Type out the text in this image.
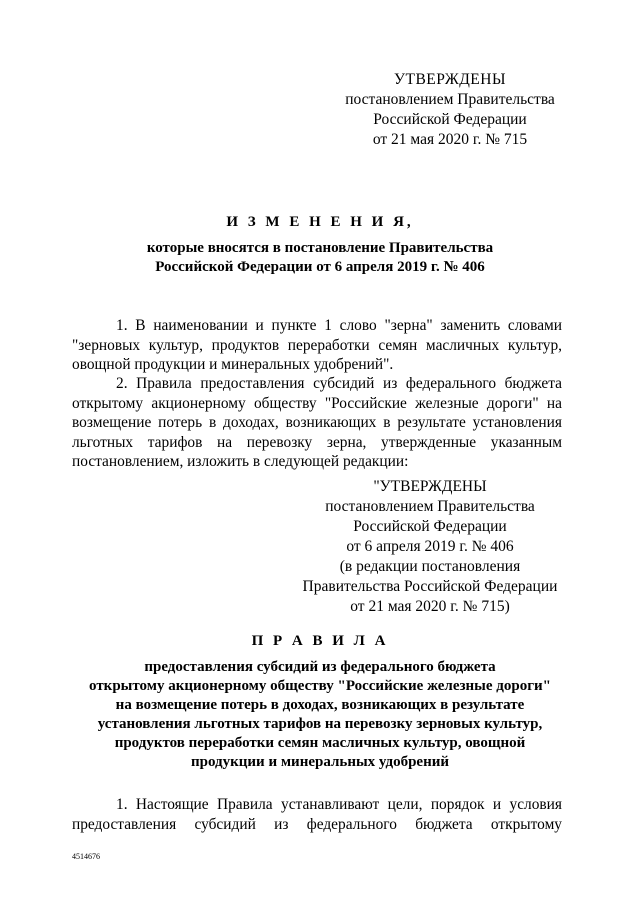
УТВЕРЖДЕНЫ
постановлением Правительства
Российской Федерации
от 21 мая 2020 г. № 715
И З М Е Н Е Н И Я,
которые вносятся в постановление Правительства
Российской Федерации от 6 апреля 2019 г. № 406
1. В наименовании и пункте 1 слово "зерна" заменить словами "зерновых культур, продуктов переработки семян масличных культур, овощной продукции и минеральных удобрений".
2. Правила предоставления субсидий из федерального бюджета открытому акционерному обществу "Российские железные дороги" на возмещение потерь в доходах, возникающих в результате установления льготных тарифов на перевозку зерна, утвержденные указанным постановлением, изложить в следующей редакции:
"УТВЕРЖДЕНЫ
постановлением Правительства
Российской Федерации
от 6 апреля 2019 г. № 406
(в редакции постановления
Правительства Российской Федерации
от 21 мая 2020 г. № 715)
П Р А В И Л А
предоставления субсидий из федерального бюджета
открытому акционерному обществу "Российские железные дороги"
на возмещение потерь в доходах, возникающих в результате
установления льготных тарифов на перевозку зерновых культур,
продуктов переработки семян масличных культур, овощной
продукции и минеральных удобрений
1. Настоящие Правила устанавливают цели, порядок и условия предоставления субсидий из федерального бюджета открытому
4514676
